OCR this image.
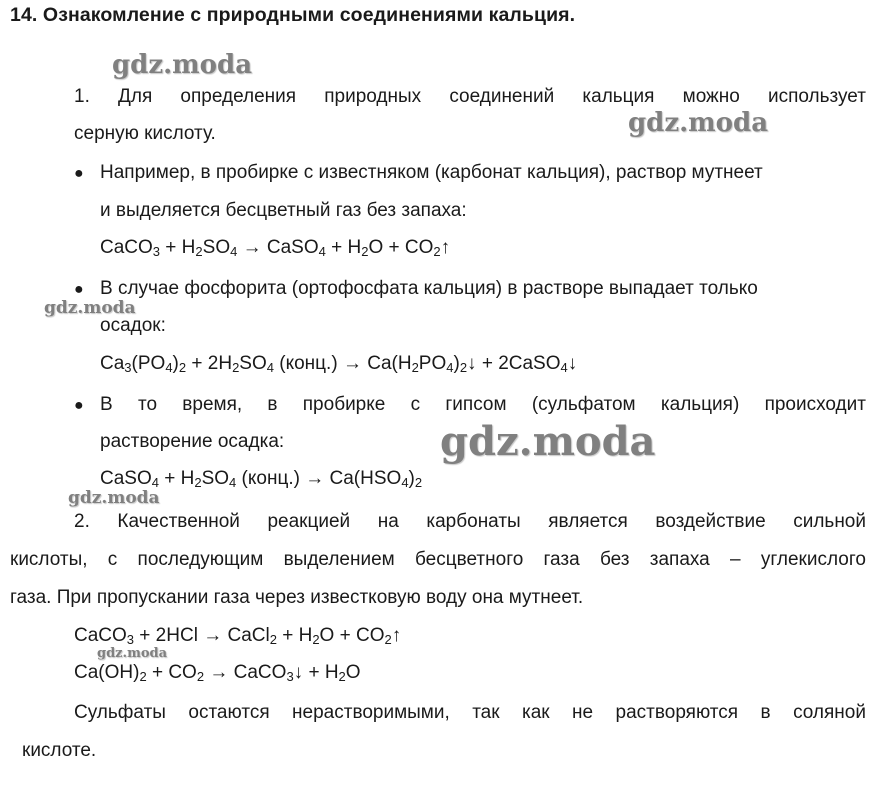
14. Ознакомление с природными соединениями кальция.
gdz.moda
gdz.moda
gdz.moda
gdz.moda
gdz.moda
gdz.moda
1. Для определения природных соединений кальция можно использует
серную кислоту.
● Например, в пробирке с известняком (карбонат кальция), раствор мутнеет
и выделяется бесцветный газ без запаха:
CaCO$_3$ + $H_2SO_4$ → CaSO$_4$ + $H_2O$ + $CO_2↑$
● В случае фосфорита (ортофосфата кальция) в растворе выпадает только
осадок:
$Ca_3(PO_4)_2 + 2H_2SO_4$ (конц.) → $Ca(H_2PO_4)_2↓$ + 2CaSO$_4$↓
● В то время, в пробирке с гипсом (сульфатом кальция) происходит
растворение осадка:
CaSO$_4$ + $H_2SO_4$ (конц.) → $Ca(HSO_4)_2$
2. Качественной реакцией на карбонаты является воздействие сильной
кислоты, с последующим выделением бесцветного газа без запаха – углекислого
газа. При пропускании газа через известковую воду она мутнеет.
CaCO$_3$ + 2HCl → CaCl$_2$ + $H_2O$ + $CO_2↑$
$Ca(OH)_2 + CO_2$ → CaCO$_3$↓ + $H_2O$
Сульфаты остаются нерастворимыми, так как не растворяются в соляной
кислоте.
